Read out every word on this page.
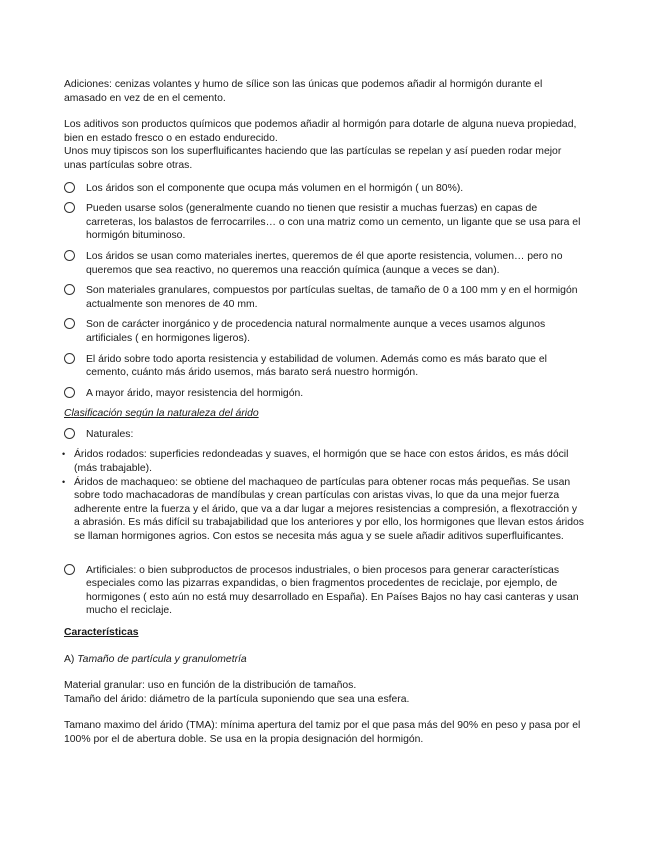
Adiciones: cenizas volantes y humo de sílice son las únicas que podemos añadir al hormigón durante el amasado en vez de en el cemento.

Los aditivos son productos químicos que podemos añadir al hormigón para dotarle de alguna nueva propiedad, bien en estado fresco o en estado endurecido.

Unos muy tipiscos son los superfluificantes haciendo que las partículas se repelan y así pueden rodar mejor unas partículas sobre otras.

Los áridos son el componente que ocupa más volumen en el hormigón ( un 80%).
Pueden usarse solos (generalmente cuando no tienen que resistir a muchas fuerzas) en capas de carreteras, los balastos de ferrocarriles… o con una matriz como un cemento, un ligante que se usa para el hormigón bituminoso.
Los áridos se usan como materiales inertes, queremos de él que aporte resistencia, volumen… pero no queremos que sea reactivo, no queremos una reacción química (aunque a veces se dan).
Son materiales granulares, compuestos por partículas sueltas, de tamaño de 0 a 100 mm y en el hormigón actualmente son menores de 40 mm.
Son de carácter inorgánico y de procedencia natural normalmente aunque a veces usamos algunos artificiales ( en hormigones ligeros).
El árido sobre todo aporta resistencia y estabilidad de volumen. Además como es más barato que el cemento, cuánto más árido usemos, más barato será nuestro hormigón.
A mayor árido, mayor resistencia del hormigón.

Clasificación según la naturaleza del árido

Naturales:
• Áridos rodados: superficies redondeadas y suaves, el hormigón que se hace con estos áridos, es más dócil (más trabajable).
• Áridos de machaqueo: se obtiene del machaqueo de partículas para obtener rocas más pequeñas. Se usan sobre todo machacadoras de mandíbulas y crean partículas con aristas vivas, lo que da una mejor fuerza adherente entre la fuerza y el árido, que va a dar lugar a mejores resistencias a compresión, a flexotracción y a abrasión. Es más difícil su trabajabilidad que los anteriores y por ello, los hormigones que llevan estos áridos se llaman hormigones agrios. Con estos se necesita más agua y se suele añadir aditivos superfluificantes.
Artificiales: o bien subproductos de procesos industriales, o bien procesos para generar características especiales como las pizarras expandidas, o bien fragmentos procedentes de reciclaje, por ejemplo, de hormigones ( esto aún no está muy desarrollado en España). En Países Bajos no hay casi canteras y usan mucho el reciclaje.

Características

A) Tamaño de partícula y granulometría

Material granular: uso en función de la distribución de tamaños.

Tamaño del árido: diámetro de la partícula suponiendo que sea una esfera.

Tamano maximo del árido (TMA): mínima apertura del tamiz por el que pasa más del 90% en peso y pasa por el 100% por el de abertura doble. Se usa en la propia designación del hormigón.
